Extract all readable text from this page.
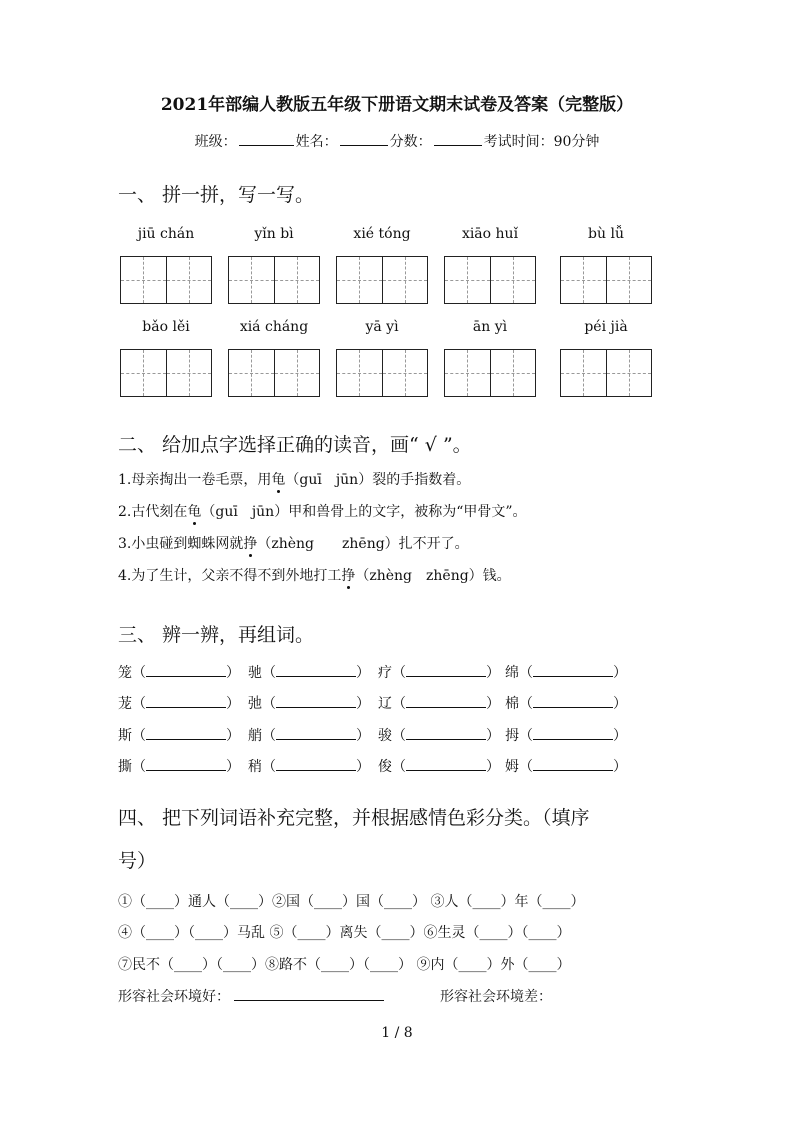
2021年部编人教版五年级下册语文期末试卷及答案（完整版）
班级：	姓名：	分数：	考试时间：90分钟
一、 拼一拼，写一写。
jiū chán	yǐn bì	xié tóng	xiāo huǐ	bù lǚ
bǎo lěi	xiá cháng	yā yì	ān yì	péi jià
二、 给加点字选择正确的读音，画“ √ ”。
1.母亲掏出一卷毛票，用龟（guī　jūn）裂的手指数着。
2.古代刻在龟（guī　jūn）甲和兽骨上的文字，被称为“甲骨文”。
3.小虫碰到蜘蛛网就挣（zhèng　　zhēng）扎不开了。
4.为了生计，父亲不得不到外地打工挣（zhèng　zhēng）钱。
三、 辨一辨，再组词。
笼（	） 驰（	） 疗（	） 绵（	）
茏（	） 弛（	） 辽（	） 棉（	）
斯（	） 艄（	） 骏（	） 拇（	）
撕（	） 稍（	） 俊（	） 姆（	）
四、 把下列词语补充完整，并根据感情色彩分类。（填序
号）
①（____）通人（____）②国（____）国（____） ③人（____）年（____）
④（____）（____）马乱 ⑤（____）离失（____）⑥生灵（____）（____）
⑦民不（____）（____）⑧路不（____）（____） ⑨内（____）外（____）
形容社会环境好：	形容社会环境差：
1 / 8
